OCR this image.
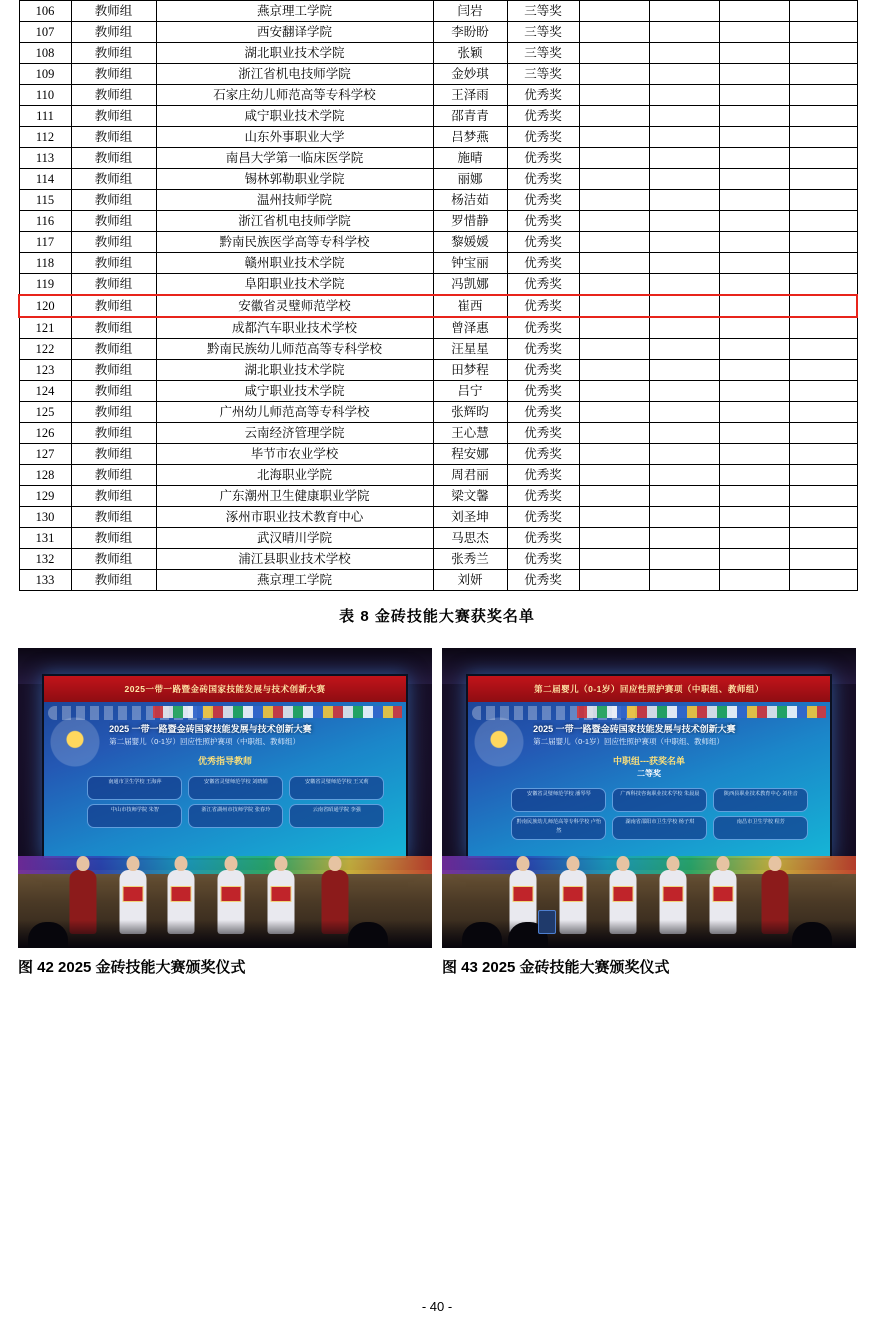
106	教师组	燕京理工学院	闫岩	三等奖				
107	教师组	西安翻译学院	李盼盼	三等奖				
108	教师组	湖北职业技术学院	张颖	三等奖				
109	教师组	浙江省机电技师学院	金妙琪	三等奖				
110	教师组	石家庄幼儿师范高等专科学校	王泽雨	优秀奖				
111	教师组	咸宁职业技术学院	邵青青	优秀奖				
112	教师组	山东外事职业大学	吕梦燕	优秀奖				
113	教师组	南昌大学第一临床医学院	施晴	优秀奖				
114	教师组	锡林郭勒职业学院	丽娜	优秀奖				
115	教师组	温州技师学院	杨洁茹	优秀奖				
116	教师组	浙江省机电技师学院	罗惜静	优秀奖				
117	教师组	黔南民族医学高等专科学校	黎媛媛	优秀奖				
118	教师组	赣州职业技术学院	钟宝丽	优秀奖				
119	教师组	阜阳职业技术学院	冯凯娜	优秀奖				
120	教师组	安徽省灵璧师范学校	崔西	优秀奖				
121	教师组	成都汽车职业技术学校	曾泽惠	优秀奖				
122	教师组	黔南民族幼儿师范高等专科学校	汪星星	优秀奖				
123	教师组	湖北职业技术学院	田梦程	优秀奖				
124	教师组	咸宁职业技术学院	吕宁	优秀奖				
125	教师组	广州幼儿师范高等专科学校	张辉昀	优秀奖				
126	教师组	云南经济管理学院	王心慧	优秀奖				
127	教师组	毕节市农业学校	程安娜	优秀奖				
128	教师组	北海职业学院	周君丽	优秀奖				
129	教师组	广东潮州卫生健康职业学院	梁文馨	优秀奖				
130	教师组	涿州市职业技术教育中心	刘圣坤	优秀奖				
131	教师组	武汉晴川学院	马思杰	优秀奖				
132	教师组	浦江县职业技术学校	张秀兰	优秀奖				
133	教师组	燕京理工学院	刘妍	优秀奖				
表 8 金砖技能大赛获奖名单
2025一带一路暨金砖国家技能发展与技术创新大赛
2025 一带一路暨金砖国家技能发展与技术创新大赛
第二届婴儿（0-1岁）回应性照护赛项（中职组、教师组）
优秀指导教师
南通市卫生学校 王海萍	安徽省灵璧师范学校 刘晓娟	安徽省灵璧师范学校 王又莉
中山市技师学院 朱智	浙江省湖州市技师学院 张春玲	云南省昭通学院 李强
图 42 2025 金砖技能大赛颁奖仪式
第二届婴儿（0-1岁）回应性照护赛项（中职组、教师组）
2025 一带一路暨金砖国家技能发展与技术创新大赛
第二届婴儿（0-1岁）回应性照护赛项（中职组、教师组）
中职组---获奖名单
二等奖
安徽省灵璧师范学校 潘琴琴	广西科技咨询职业技术学校 朱晨晨	陕西县职业技术教育中心 刘佳音
黔南民族幼儿师范高等专科学校 卢怡然
湖南省邵阳市卫生学校 杨子琪	南昌市卫生学校 程芳
图 43 2025 金砖技能大赛颁奖仪式
- 40 -
